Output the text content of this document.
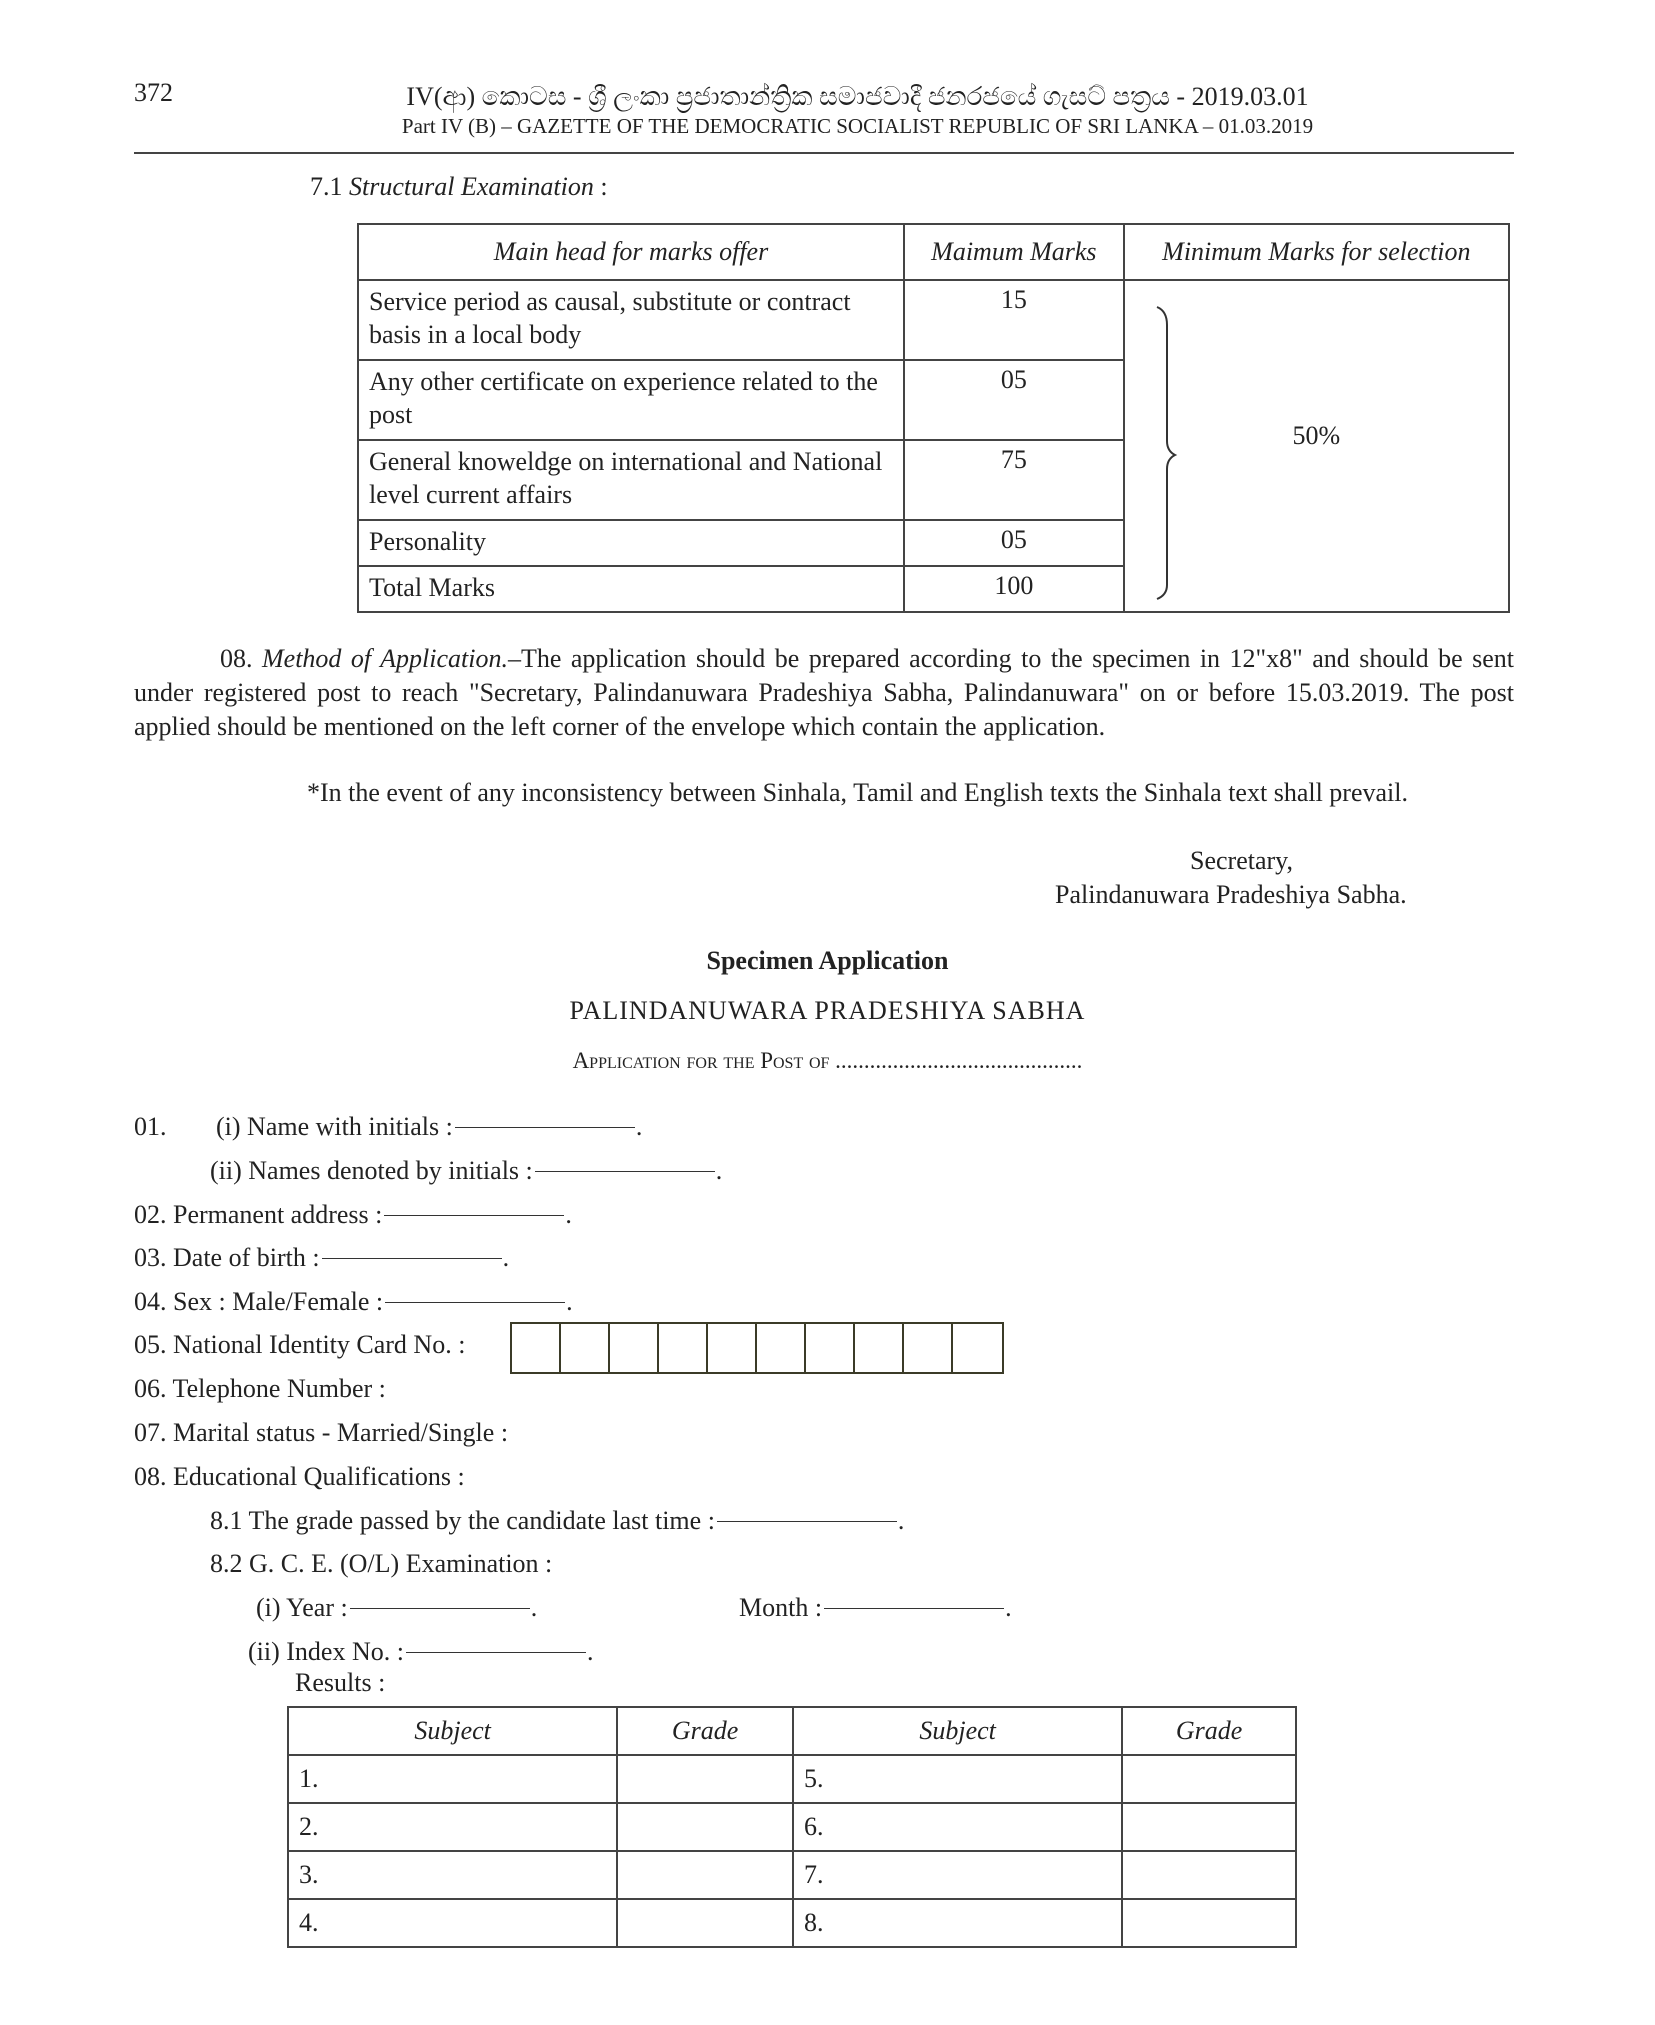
372	IV(ආ) කොටස - ශ්‍රී ලංකා ප්‍රජාතාන්ත්‍රික සමාජවාදී ජනරජයේ ගැසට් පත්‍රය - 2019.03.01
Part IV (B) – GAZETTE OF THE DEMOCRATIC SOCIALIST REPUBLIC OF SRI LANKA – 01.03.2019
7.1 Structural Examination :
Main head for marks offer	Maimum Marks	Minimum Marks for selection
Service period as causal, substitute or contract basis in a local body	15	50%

Any other certificate on experience related to the post	05	
General knoweldge on international and National level current affairs	75	
Personality	05	
Total Marks	100	
08. Method of Application.–The application should be prepared according to the specimen in 12"x8" and should be sent under registered post to reach "Secretary, Palindanuwara Pradeshiya Sabha, Palindanuwara" on or before 15.03.2019. The post applied should be mentioned on the left corner of the envelope which contain the application.
*In the event of any inconsistency between Sinhala, Tamil and English texts the Sinhala text shall prevail.
Secretary,
Palindanuwara Pradeshiya Sabha.
Specimen Application
PALINDANUWARA PRADESHIYA SABHA
Application for the Post of ...........................................
01. (i) Name with initials :	.
(ii) Names denoted by initials :	.
02. Permanent address :	.
03. Date of birth :	.
04. Sex : Male/Female :	.
05. National Identity Card No. :
06. Telephone Number :
07. Marital status - Married/Single :
08. Educational Qualifications :
8.1 The grade passed by the candidate last time :	.
8.2 G. C. E. (O/L) Examination :
(i) Year :	.	Month :	.
(ii) Index No. :	.
Results :
Subject	Grade	Subject	Grade
1.		5.	
2.		6.	
3.		7.	
4.		8.	
